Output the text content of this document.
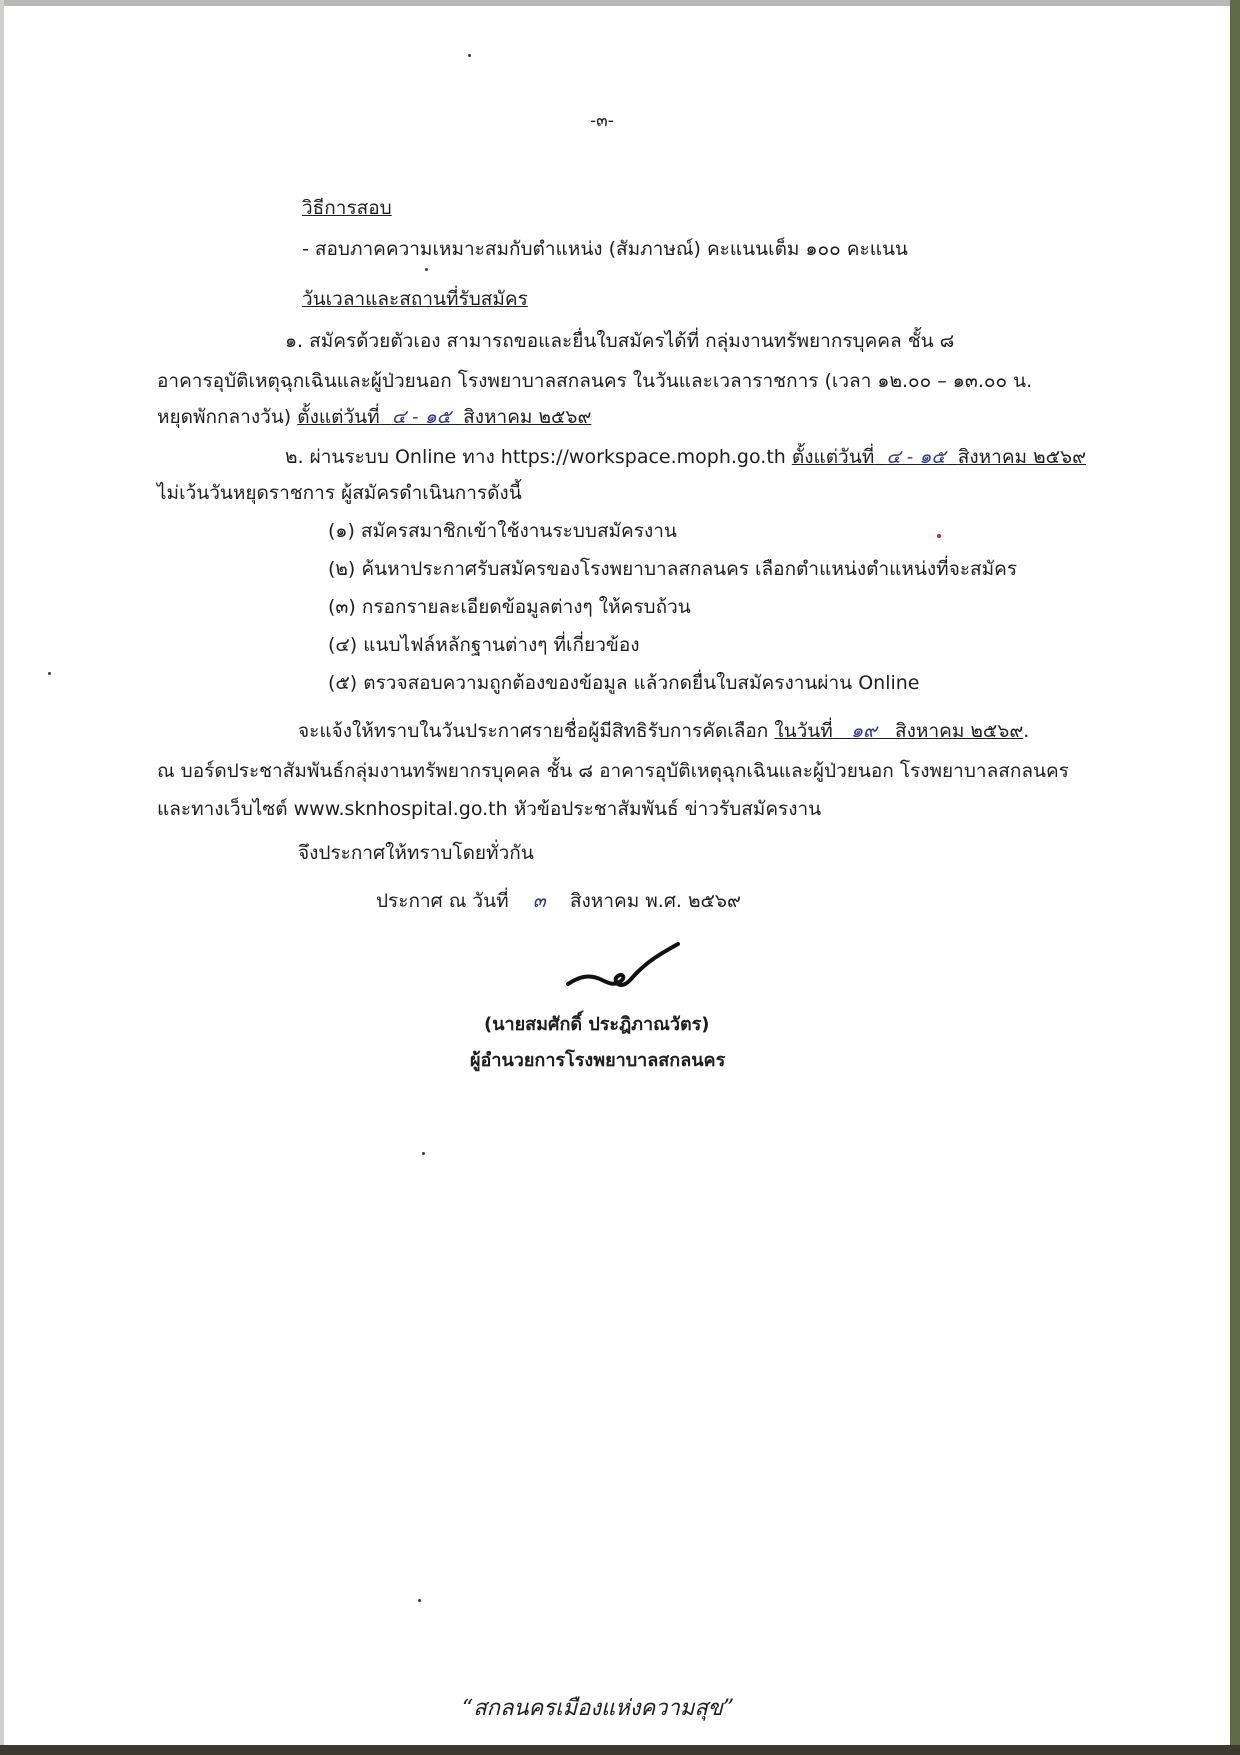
-๓-
วิธีการสอบ
- สอบภาคความเหมาะสมกับตำแหน่ง (สัมภาษณ์) คะแนนเต็ม ๑๐๐ คะแนน
วันเวลาและสถานที่รับสมัคร
๑. สมัครด้วยตัวเอง สามารถขอและยื่นใบสมัครได้ที่ กลุ่มงานทรัพยากรบุคคล ชั้น ๘
อาคารอุบัติเหตุฉุกเฉินและผู้ป่วยนอก โรงพยาบาลสกลนคร ในวันและเวลาราชการ (เวลา ๑๒.๐๐ – ๑๓.๐๐ น.
หยุดพักกลางวัน) ตั้งแต่วันที่ ๔ - ๑๕ สิงหาคม ๒๕๖๙
๒. ผ่านระบบ Online ทาง https://workspace.moph.go.th ตั้งแต่วันที่ ๔ - ๑๕ สิงหาคม ๒๕๖๙
ไม่เว้นวันหยุดราชการ ผู้สมัครดำเนินการดังนี้
(๑) สมัครสมาชิกเข้าใช้งานระบบสมัครงาน
(๒) ค้นหาประกาศรับสมัครของโรงพยาบาลสกลนคร เลือกตำแหน่งตำแหน่งที่จะสมัคร
(๓) กรอกรายละเอียดข้อมูลต่างๆ ให้ครบถ้วน
(๔) แนบไฟล์หลักฐานต่างๆ ที่เกี่ยวข้อง
(๕) ตรวจสอบความถูกต้องของข้อมูล แล้วกดยื่นใบสมัครงานผ่าน Online
จะแจ้งให้ทราบในวันประกาศรายชื่อผู้มีสิทธิรับการคัดเลือก ในวันที่ ๑๙ สิงหาคม ๒๕๖๙.
ณ บอร์ดประชาสัมพันธ์กลุ่มงานทรัพยากรบุคคล ชั้น ๘ อาคารอุบัติเหตุฉุกเฉินและผู้ป่วยนอก โรงพยาบาลสกลนคร
และทางเว็บไซต์ www.sknhospital.go.th หัวข้อประชาสัมพันธ์ ข่าวรับสมัครงาน
จึงประกาศให้ทราบโดยทั่วกัน
ประกาศ ณ วันที่ ๓ สิงหาคม พ.ศ. ๒๕๖๙
(นายสมศักดิ์ ประฎิภาณวัตร)
ผู้อำนวยการโรงพยาบาลสกลนคร
“สกลนครเมืองแห่งความสุข”
